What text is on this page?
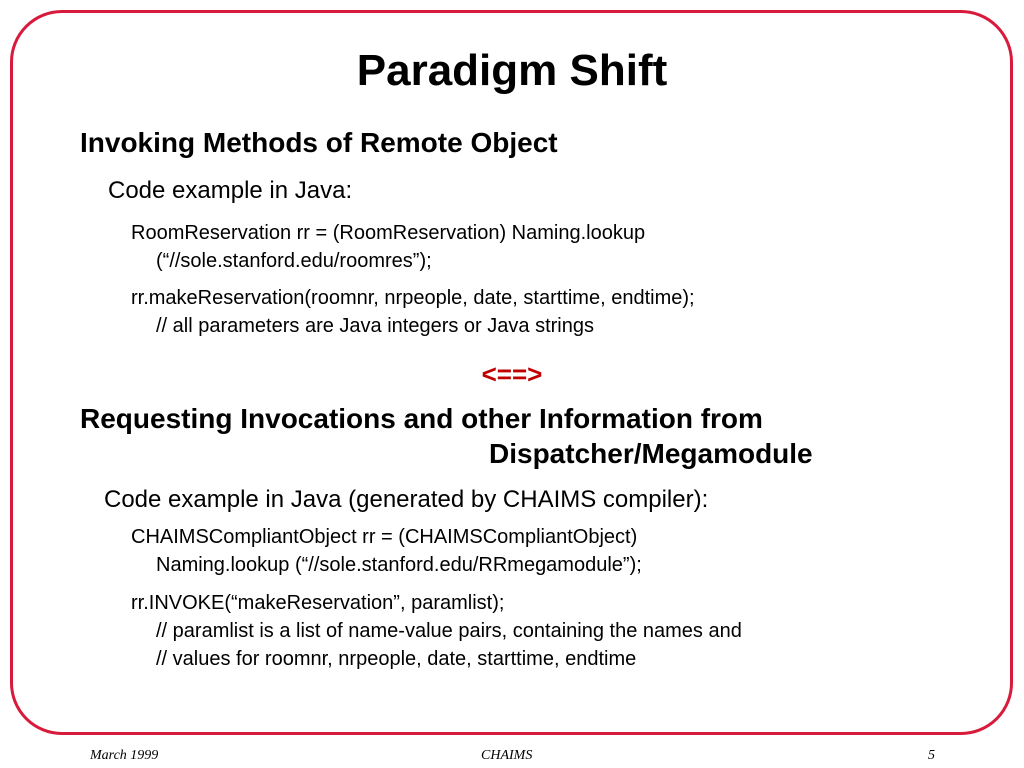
Paradigm Shift
Invoking Methods of Remote Object
Code example in Java:
RoomReservation rr = (RoomReservation) Naming.lookup
(“//sole.stanford.edu/roomres”);
rr.makeReservation(roomnr, nrpeople, date, starttime, endtime);
// all parameters are Java integers or Java strings
<==>
Requesting Invocations and other Information from
Dispatcher/Megamodule
Code example in Java (generated by CHAIMS compiler):
CHAIMSCompliantObject rr = (CHAIMSCompliantObject)
Naming.lookup (“//sole.stanford.edu/RRmegamodule”);
rr.INVOKE(“makeReservation”, paramlist);
// paramlist is a list of name-value pairs, containing the names and
// values for roomnr, nrpeople, date, starttime, endtime
March 1999	CHAIMS	5
